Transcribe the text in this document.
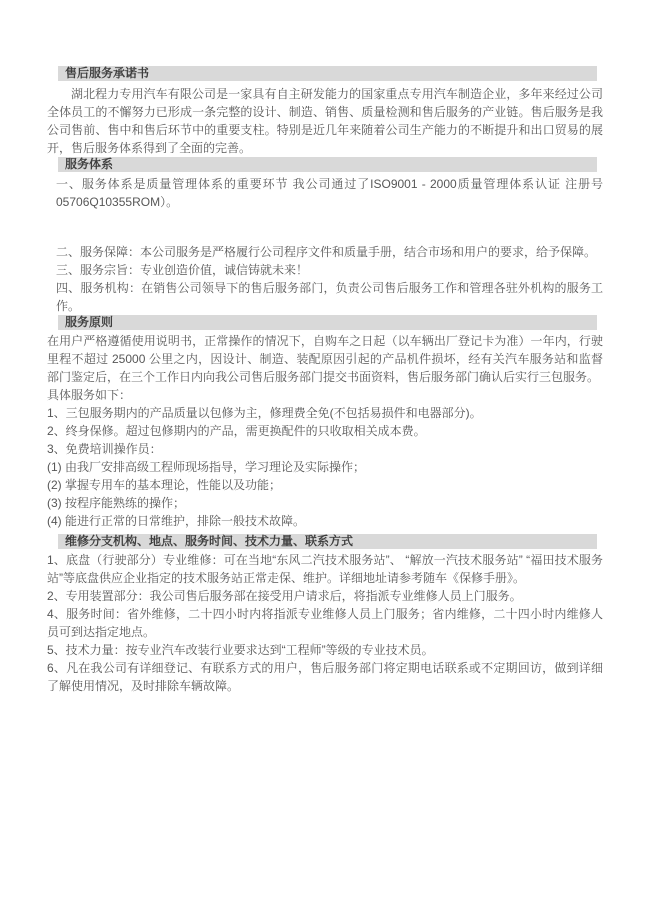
售后服务承诺书

湖北程力专用汽车有限公司是一家具有自主研发能力的国家重点专用汽车制造企业，多年来经过公司全体员工的不懈努力已形成一条完整的设计、制造、销售、质量检测和售后服务的产业链。售后服务是我公司售前、售中和售后环节中的重要支柱。特别是近几年来随着公司生产能力的不断提升和出口贸易的展开，售后服务体系得到了全面的完善。

服务体系
一、服务体系是质量管理体系的重要环节 我公司通过了ISO9001 - 2000质量管理体系认证 注册号05706Q10355ROM）。
二、服务保障：本公司服务是严格履行公司程序文件和质量手册，结合市场和用户的要求，给予保障。
三、服务宗旨：专业创造价值，诚信铸就未来！
四、服务机构：在销售公司领导下的售后服务部门，负责公司售后服务工作和管理各驻外机构的服务工作。
服务原则

在用户严格遵循使用说明书，正常操作的情况下，自购车之日起（以车辆出厂登记卡为准）一年内，行驶里程不超过 25000 公里之内，因设计、制造、装配原因引起的产品机件损坏，经有关汽车服务站和监督部门鉴定后，在三个工作日内向我公司售后服务部门提交书面资料，售后服务部门确认后实行三包服务。

具体服务如下：
1、三包服务期内的产品质量以包修为主，修理费全免(不包括易损件和电器部分)。
2、终身保修。超过包修期内的产品，需更换配件的只收取相关成本费。
3、免费培训操作员：
(1) 由我厂安排高级工程师现场指导，学习理论及实际操作；
(2) 掌握专用车的基本理论，性能以及功能；
(3) 按程序能熟练的操作；
(4) 能进行正常的日常维护，排除一般技术故障。
维修分支机构、地点、服务时间、技术力量、联系方式
1、底盘（行驶部分）专业维修：可在当地“东风二汽技术服务站”、 “解放一汽技术服务站” “福田技术服务站”等底盘供应企业指定的技术服务站正常走保、维护。详细地址请参考随车《保修手册》。
2、专用装置部分：我公司售后服务部在接受用户请求后，将指派专业维修人员上门服务。
4、服务时间：省外维修，二十四小时内将指派专业维修人员上门服务；省内维修，二十四小时内维修人员可到达指定地点。
5、技术力量：按专业汽车改装行业要求达到“工程师”等级的专业技术员。
6、凡在我公司有详细登记、有联系方式的用户，售后服务部门将定期电话联系或不定期回访，做到详细了解使用情况，及时排除车辆故障。
